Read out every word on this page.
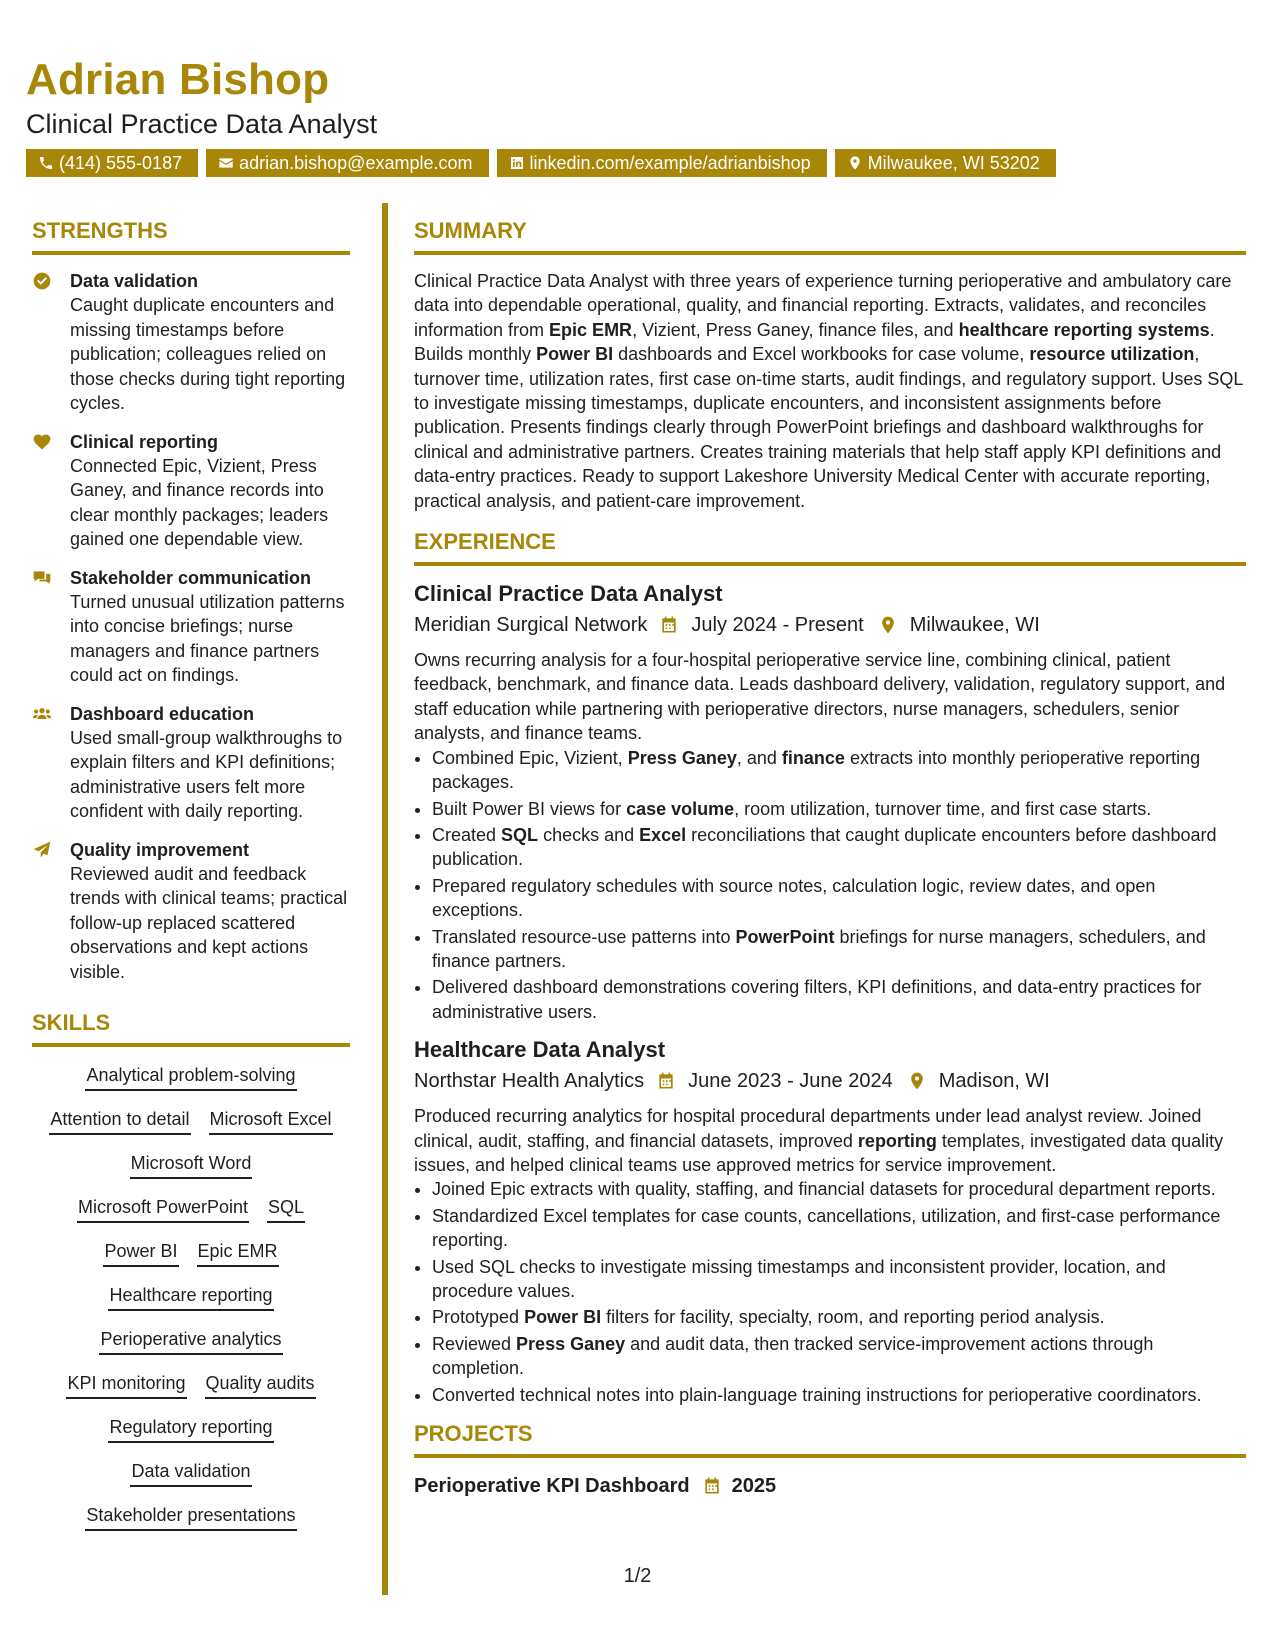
Adrian Bishop
Clinical Practice Data Analyst
(414) 555-0187	adrian.bishop@example.com	linkedin.com/example/adrianbishop	Milwaukee, WI 53202
STRENGTHS
Data validation
Caught duplicate encounters and missing timestamps before publication; colleagues relied on those checks during tight reporting cycles.
Clinical reporting
Connected Epic, Vizient, Press Ganey, and finance records into clear monthly packages; leaders gained one dependable view.
Stakeholder communication
Turned unusual utilization patterns into concise briefings; nurse managers and finance partners could act on findings.
Dashboard education
Used small-group walkthroughs to explain filters and KPI definitions; administrative users felt more confident with daily reporting.
Quality improvement
Reviewed audit and feedback trends with clinical teams; practical follow-up replaced scattered observations and kept actions visible.
SKILLS
Analytical problem-solving
Attention to detail Microsoft Excel
Microsoft Word
Microsoft PowerPoint SQL
Power BI Epic EMR
Healthcare reporting
Perioperative analytics
KPI monitoring Quality audits
Regulatory reporting
Data validation
Stakeholder presentations
SUMMARY

Clinical Practice Data Analyst with three years of experience turning perioperative and ambulatory care data into dependable operational, quality, and financial reporting. Extracts, validates, and reconciles information from Epic EMR, Vizient, Press Ganey, finance files, and healthcare reporting systems. Builds monthly Power BI dashboards and Excel workbooks for case volume, resource utilization, turnover time, utilization rates, first case on-time starts, audit findings, and regulatory support. Uses SQL to investigate missing timestamps, duplicate encounters, and inconsistent assignments before publication. Presents findings clearly through PowerPoint briefings and dashboard walkthroughs for clinical and administrative partners. Creates training materials that help staff apply KPI definitions and data-entry practices. Ready to support Lakeshore University Medical Center with accurate reporting, practical analysis, and patient-care improvement.

EXPERIENCE
Clinical Practice Data Analyst
Meridian Surgical Network July 2024 - Present Milwaukee, WI

Owns recurring analysis for a four-hospital perioperative service line, combining clinical, patient feedback, benchmark, and finance data. Leads dashboard delivery, validation, regulatory support, and staff education while partnering with perioperative directors, nurse managers, schedulers, senior analysts, and finance teams.

• Combined Epic, Vizient, Press Ganey, and finance extracts into monthly perioperative reporting packages.
• Built Power BI views for case volume, room utilization, turnover time, and first case starts.
• Created SQL checks and Excel reconciliations that caught duplicate encounters before dashboard publication.
• Prepared regulatory schedules with source notes, calculation logic, review dates, and open exceptions.
• Translated resource-use patterns into PowerPoint briefings for nurse managers, schedulers, and finance partners.
• Delivered dashboard demonstrations covering filters, KPI definitions, and data-entry practices for administrative users.
Healthcare Data Analyst
Northstar Health Analytics June 2023 - June 2024 Madison, WI

Produced recurring analytics for hospital procedural departments under lead analyst review. Joined clinical, audit, staffing, and financial datasets, improved reporting templates, investigated data quality issues, and helped clinical teams use approved metrics for service improvement.

• Joined Epic extracts with quality, staffing, and financial datasets for procedural department reports.
• Standardized Excel templates for case counts, cancellations, utilization, and first-case performance reporting.
• Used SQL checks to investigate missing timestamps and inconsistent provider, location, and procedure values.
• Prototyped Power BI filters for facility, specialty, room, and reporting period analysis.
• Reviewed Press Ganey and audit data, then tracked service-improvement actions through completion.
• Converted technical notes into plain-language training instructions for perioperative coordinators.
PROJECTS
Perioperative KPI Dashboard 2025
1/2
